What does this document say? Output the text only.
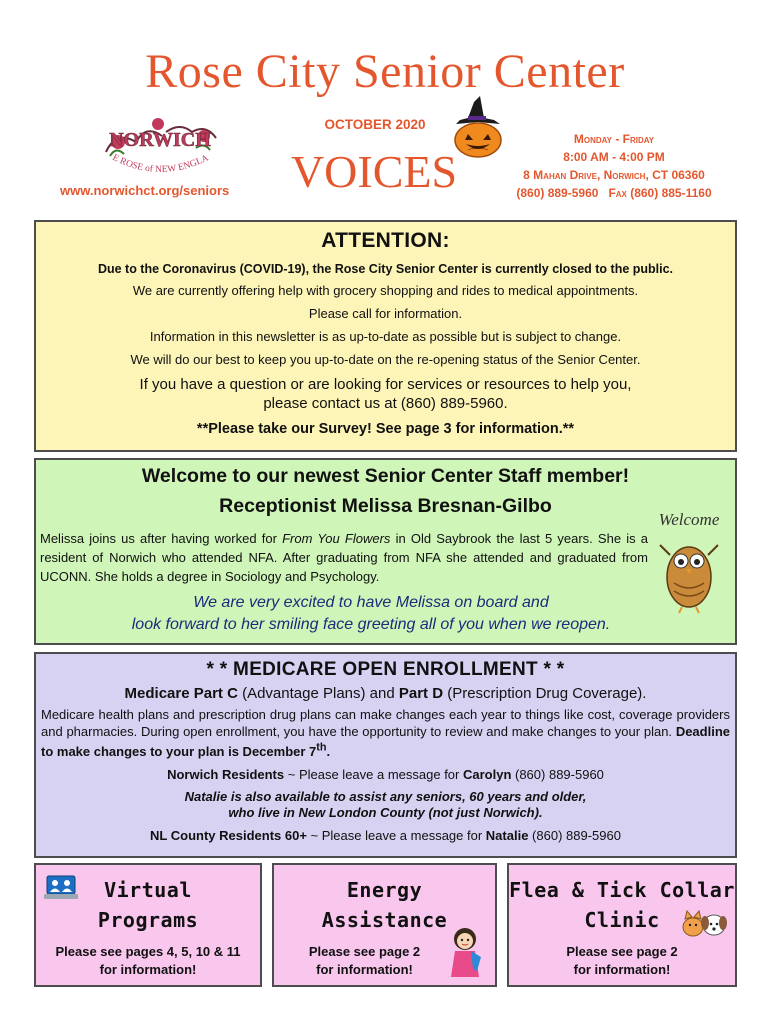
Rose City Senior Center
NORWICH
E ROSE of NEW ENGLA
www.norwichct.org/seniors
OCTOBER 2020
VOICES
Monday - Friday
8:00 AM - 4:00 PM
8 Mahan Drive, Norwich, CT 06360
(860) 889-5960 Fax (860) 885-1160
ATTENTION:
Due to the Coronavirus (COVID-19), the Rose City Senior Center is currently closed to the public.
We are currently offering help with grocery shopping and rides to medical appointments.
Please call for information.
Information in this newsletter is as up-to-date as possible but is subject to change.
We will do our best to keep you up-to-date on the re-opening status of the Senior Center.
If you have a question or are looking for services or resources to help you,
please contact us at (860) 889-5960.
**Please take our Survey! See page 3 for information.**
Welcome to our newest Senior Center Staff member!
Receptionist Melissa Bresnan-Gilbo
Melissa joins us after having worked for From You Flowers in Old Saybrook the last 5 years. She is a resident of Norwich who attended NFA. After graduating from NFA she attended and graduated from UCONN. She holds a degree in Sociology and Psychology.
We are very excited to have Melissa on board and
look forward to her smiling face greeting all of you when we reopen.
Welcome
* * MEDICARE OPEN ENROLLMENT * *
Medicare Part C (Advantage Plans) and Part D (Prescription Drug Coverage).
Medicare health plans and prescription drug plans can make changes each year to things like cost, coverage providers and pharmacies. During open enrollment, you have the opportunity to review and make changes to your plan. Deadline to make changes to your plan is December 7th.
Norwich Residents ~ Please leave a message for Carolyn (860) 889-5960
Natalie is also available to assist any seniors, 60 years and older,
who live in New London County (not just Norwich).
NL County Residents 60+ ~ Please leave a message for Natalie (860) 889-5960
Virtual
Programs
Please see pages 4, 5, 10 & 11
for information!
Energy
Assistance
Please see page 2
for information!
Flea & Tick Collar
Clinic
Please see page 2
for information!
